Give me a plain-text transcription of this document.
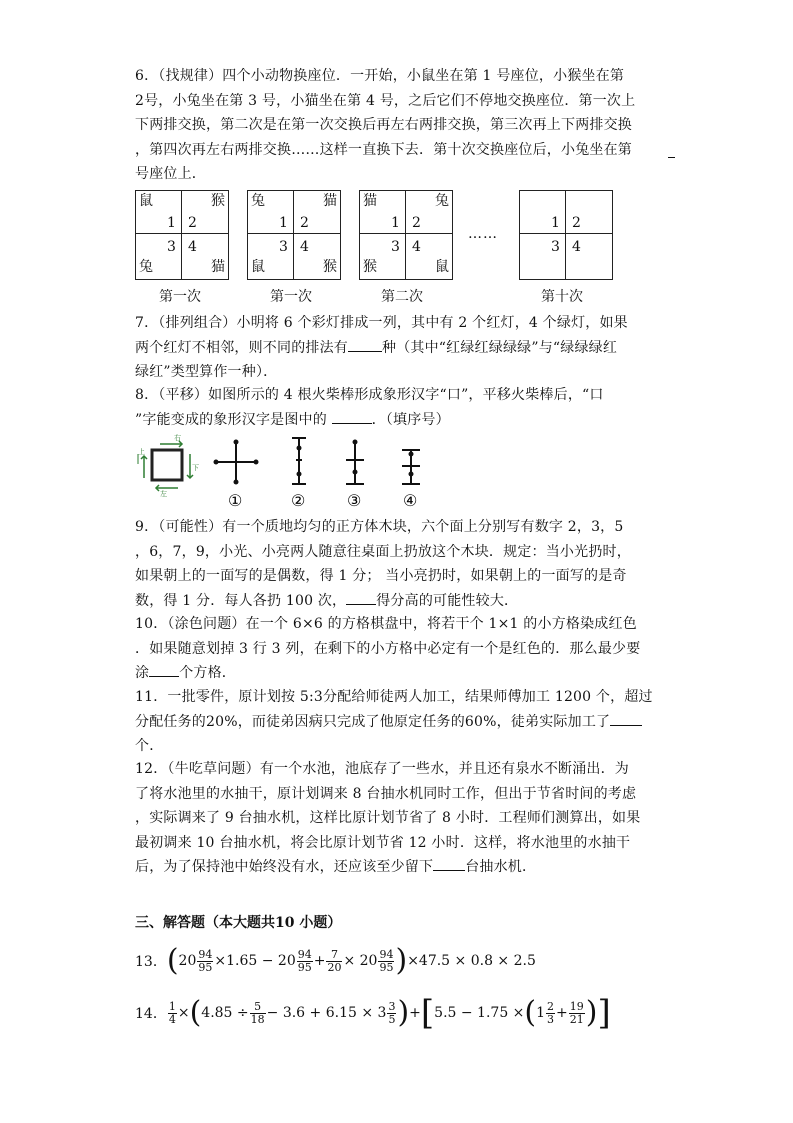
6．（找规律）四个小动物换座位．一开始，小鼠坐在第 1 号座位，小猴坐在第
2号，小兔坐在第 3 号，小猫坐在第 4 号，之后它们不停地交换座位．第一次上
下两排交换，第二次是在第一次交换后再左右两排交换，第三次再上下两排交换
，第四次再左右两排交换……这样一直换下去．第十次交换座位后，小兔坐在第
号座位上．
鼠	猴
1 2
3 4
兔	猫
兔	猫
1 2
3 4
鼠	猴
猫	兔
1 2
3 4
猴	鼠
……
1 2
3 4
第一次	第一次	第二次	第十次
7．（排列组合）小明将 6 个彩灯排成一列，其中有 2 个红灯，4 个绿灯，如果
两个红灯不相邻，则不同的排法有 种（其中“红绿红绿绿绿”与“绿绿绿红
绿红”类型算作一种）．
8．（平移）如图所示的 4 根火柴棒形成象形汉字“口”，平移火柴棒后，“口
”字能变成的象形汉字是图中的	．（填序号）
右
上
下
左	①	②	③	④
9．（可能性）有一个质地均匀的正方体木块，六个面上分别写有数字 2，3，5
，6，7，9，小光、小亮两人随意往桌面上扔放这个木块．规定：当小光扔时，
如果朝上的一面写的是偶数，得 1 分； 当小亮扔时，如果朝上的一面写的是奇
数，得 1 分．每人各扔 100 次， 得分高的可能性较大．
10．（涂色问题）在一个 6×6 的方格棋盘中，将若干个 1×1 的小方格染成红色
．如果随意划掉 3 行 3 列，在剩下的小方格中必定有一个是红色的．那么最少要
涂 个方格．
11．一批零件，原计划按 5:3分配给师徒两人加工，结果师傅加工 1200 个，超过
分配任务的20%，而徒弟因病只完成了他原定任务的60%，徒弟实际加工了
个．
12．（牛吃草问题）有一个水池，池底存了一些水，并且还有泉水不断涌出．为
了将水池里的水抽干，原计划调来 8 台抽水机同时工作，但出于节省时间的考虑
，实际调来了 9 台抽水机，这样比原计划节省了 8 小时．工程师们测算出，如果
最初调来 10 台抽水机，将会比原计划节省 12 小时．这样，将水池里的水抽干
后，为了保持池中始终没有水，还应该至少留下 台抽水机．
三、解答题（本大题共10 小题）
13．$(20 \frac{94}{95} \times 1.65 - 20 \frac{94}{95} + \frac{7}{20} \times 20 \frac{94}{95} )\times 47.5 \times 0.8 \times 2.5$
14． $\frac{1}{4} \times(4.85 \div \frac{5}{18} - 3.6 + 6.15 \times 3 \frac{3}{5} )+[5.5 - 1.75 \times(1 \frac{2}{3} + \frac{19}{21}$ )]
